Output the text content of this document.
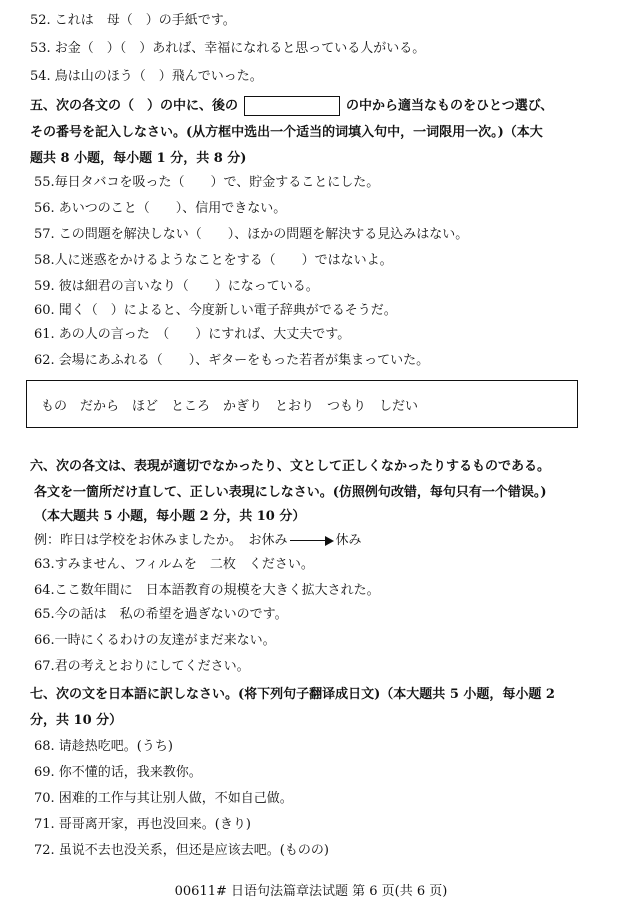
52. これは　母（　）の手紙です。
53. お金（　）（　）あれば、幸福になれると思っている人がいる。
54. 鳥は山のほう（　）飛んでいった。
五、次の各文の（　）の中に、後の	の中から適当なものをひとつ選び、
その番号を記入しなさい。(从方框中选出一个适当的词填入句中，一词限用一次。)（本大
题共 8 小题，每小题 1 分，共 8 分)
55.毎日タバコを吸った（　　）で、貯金することにした。
56. あいつのこと（　　）、信用できない。
57. この問題を解決しない（　　）、ほかの問題を解決する見込みはない。
58.人に迷惑をかけるようなことをする（　　）ではないよ。
59. 彼は細君の言いなり（　　）になっている。
60. 聞く（　）によると、今度新しい電子辞典がでるそうだ。
61. あの人の言った　（　　）にすれば、大丈夫です。
62. 会場にあふれる（　　）、ギターをもった若者が集まっていた。
もの　だから　ほど　ところ　かぎり　とおり　つもり　しだい
六、次の各文は、表現が適切でなかったり、文として正しくなかったりするものである。
各文を一箇所だけ直して、正しい表現にしなさい。(仿照例句改错，每句只有一个错误。)
（本大题共 5 小题，每小题 2 分，共 10 分）
例：昨日は学校をお休みましたか。　お休み	休み
63.すみません、フィルムを　二枚　ください。
64.ここ数年間に　日本語教育の規模を大きく拡大された。
65.今の話は　私の希望を過ぎないのです。
66.一時にくるわけの友達がまだ来ない。
67.君の考えとおりにしてください。
七、次の文を日本語に訳しなさい。(将下列句子翻译成日文)（本大题共 5 小题，每小题 2
分，共 10 分）
68. 请趁热吃吧。(うち)
69. 你不懂的话，我来教你。
70. 困难的工作与其让别人做，不如自己做。
71. 哥哥离开家，再也没回来。(きり)
72. 虽说不去也没关系，但还是应该去吧。(ものの)
00611# 日语句法篇章法试题 第 6 页(共 6 页)
